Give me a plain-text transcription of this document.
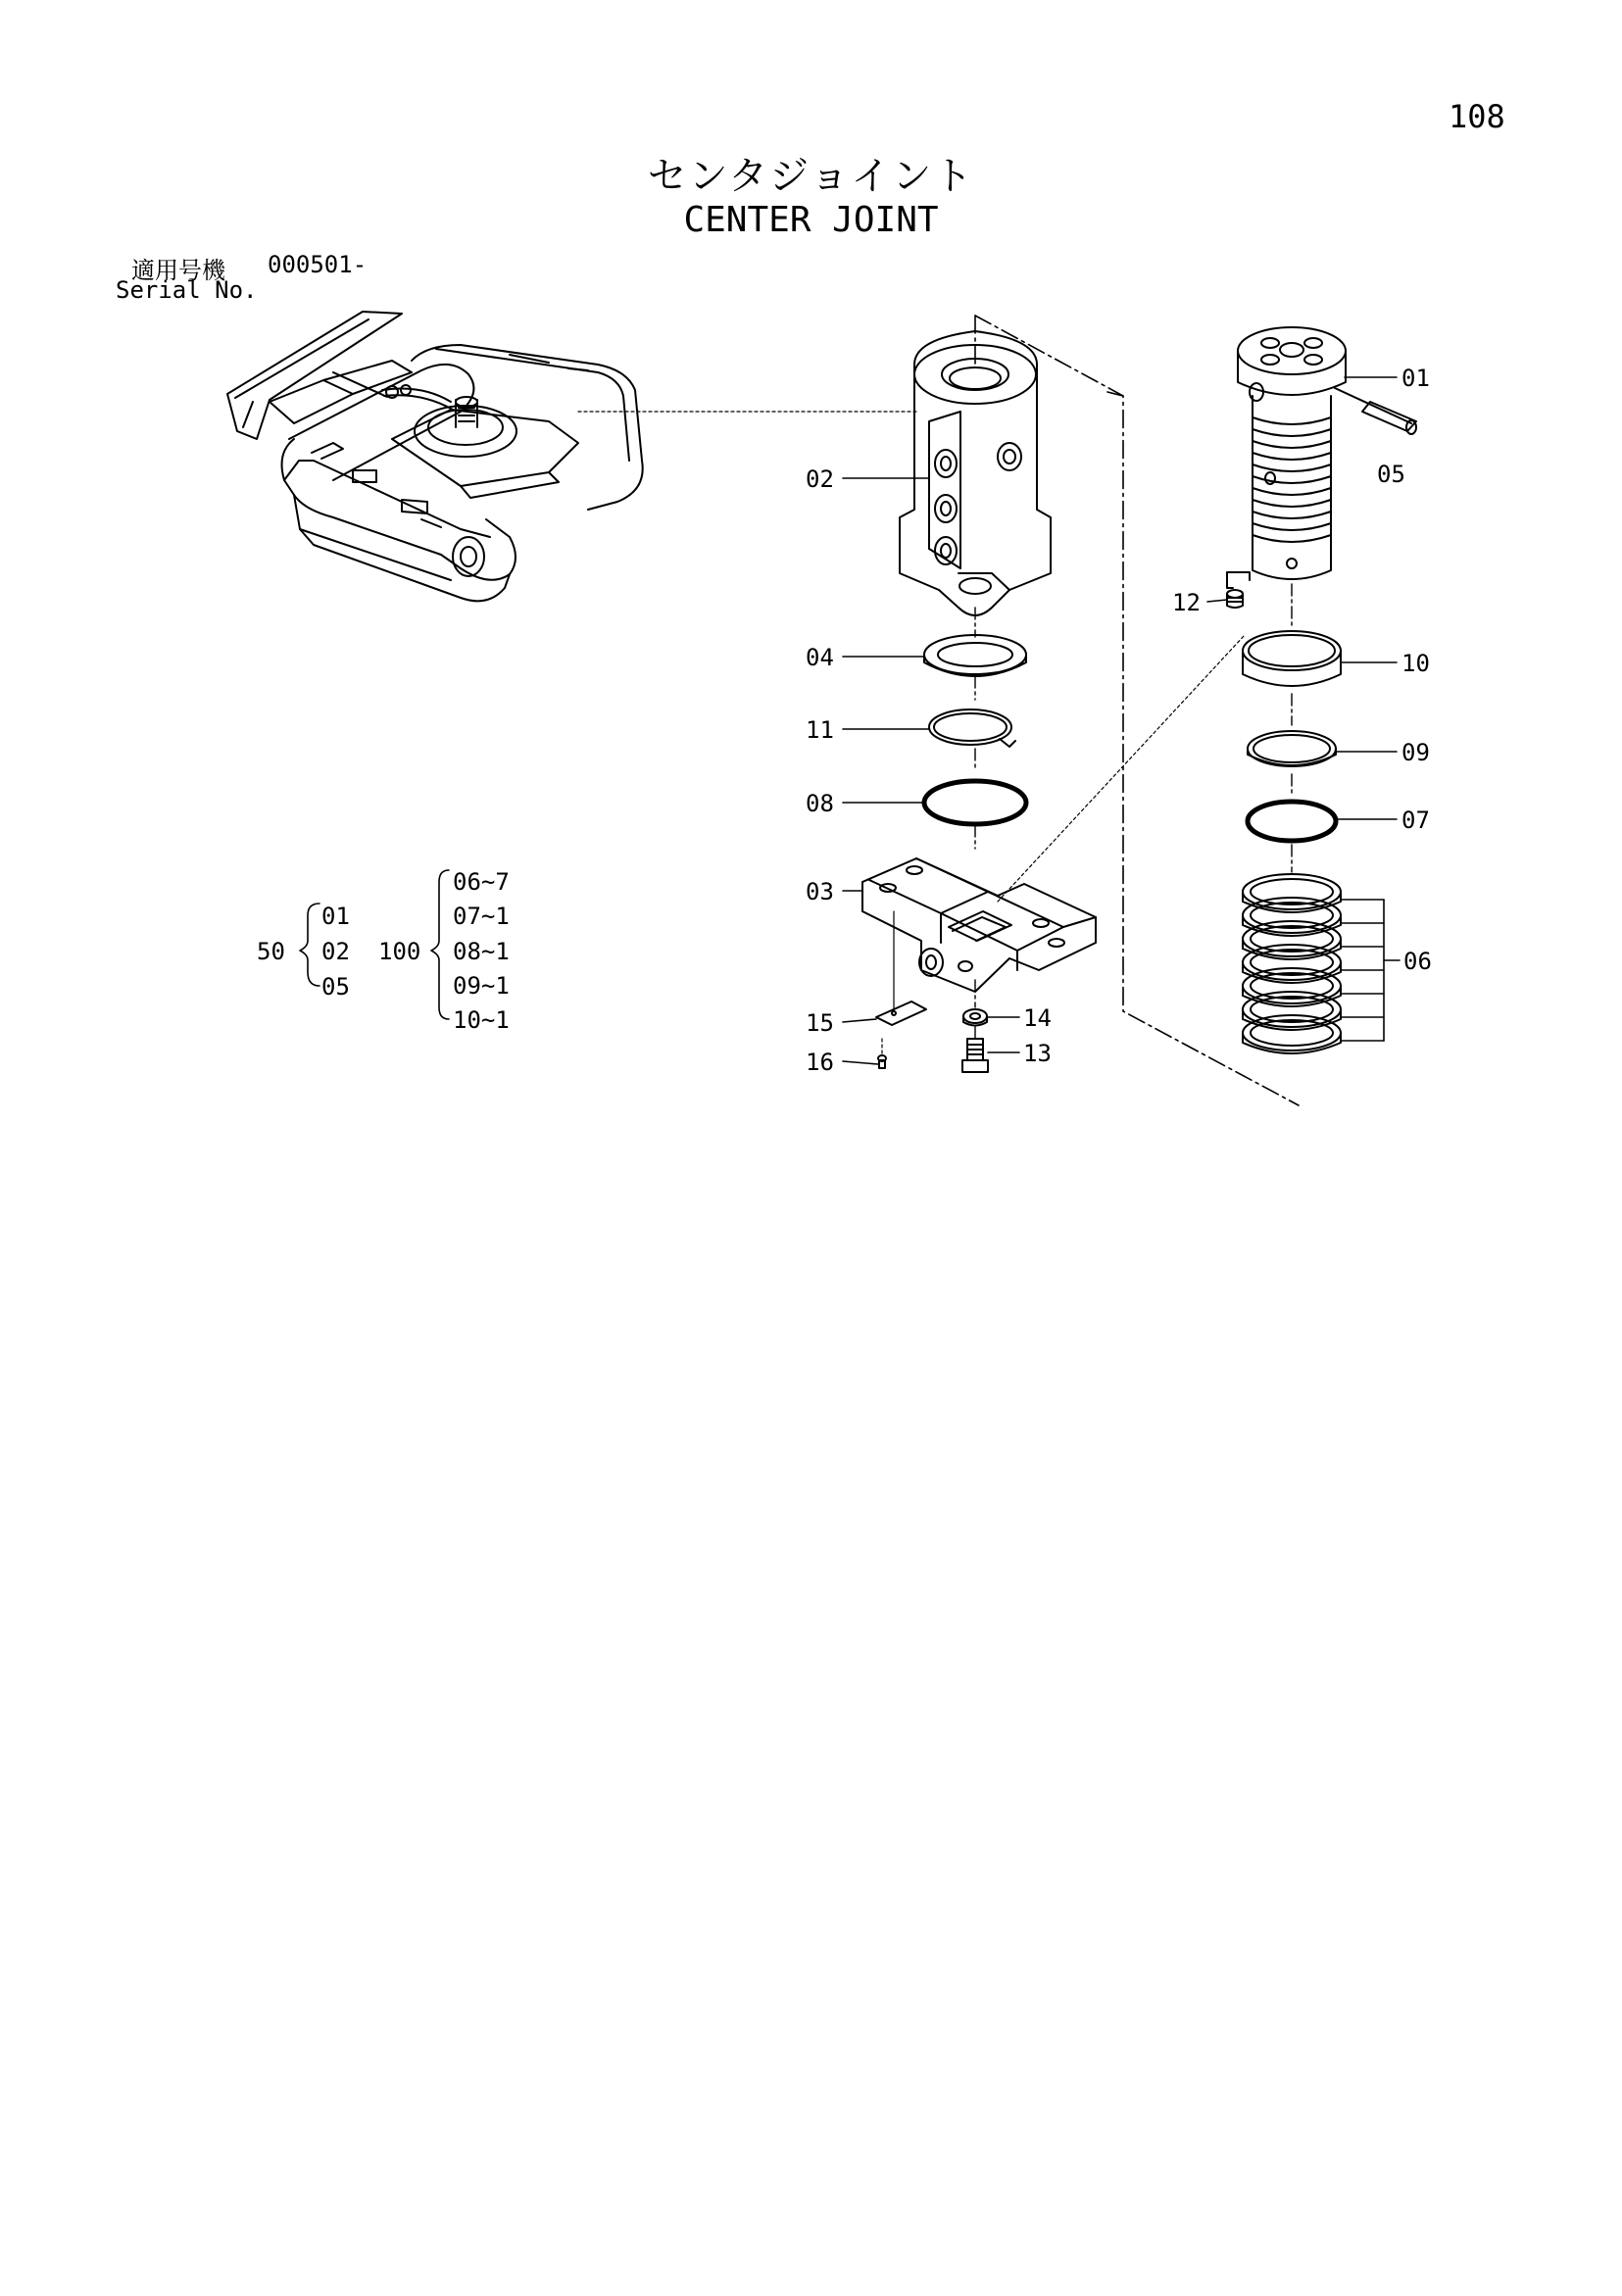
108
センタジョイント
CENTER JOINT
適用号機 000501-
Serial No.
01
02
03
04
05
06
07
08
09
10
11
12
13
14
15
16
50
01
02
05
100
06~7
07~1
08~1
09~1
10~1
